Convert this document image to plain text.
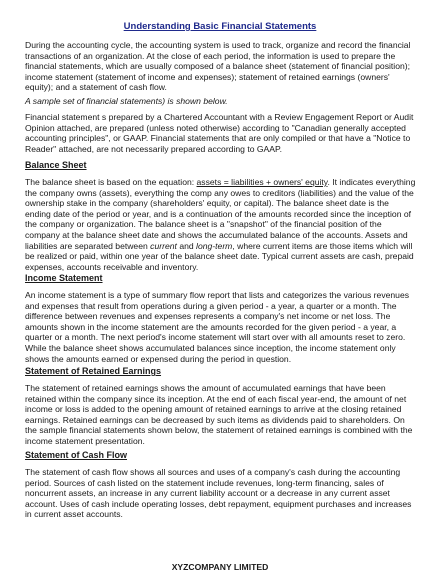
Understanding Basic Financial Statements

During the accounting cycle, the accounting system is used to track, organize and record the financial transactions of an organization. At the close of each period, the information is used to prepare the financial statements, which are usually composed of a balance sheet (statement of financial position); income statement (statement of income and expenses); statement of retained earnings (owners' equity); and a statement of cash flow.

A sample set of financial statements) is shown below.

Financial statement s prepared by a Chartered Accountant with a Review Engagement Report or Audit Opinion attached, are prepared (unless noted otherwise) according to "Canadian generally accepted accounting principles", or GAAP. Financial statements that are only compiled or that have a "Notice to Reader" attached, are not necessarily prepared according to GAAP.

Balance Sheet

The balance sheet is based on the equation: assets = liabilities + owners' equity. It indicates everything the company owns (assets), everything the comp any owes to creditors (liabilities) and the value of the ownership stake in the company (shareholders' equity, or capital). The balance sheet date is the ending date of the period or year, and is a continuation of the amounts recorded since the inception of the company or organization. The balance sheet is a "snapshot" of the financial position of the company at the balance sheet date and shows the accumulated balance of the accounts. Assets and liabilities are separated between current and long-term, where current items are those items which will be realized or paid, within one year of the balance sheet date. Typical current assets are cash, prepaid expenses, accounts receivable and inventory.

Income Statement

An income statement is a type of summary flow report that lists and categorizes the various revenues and expenses that result from operations during a given period - a year, a quarter or a month. The difference between revenues and expenses represents a company's net income or net loss. The amounts shown in the income statement are the amounts recorded for the given period - a year, a quarter or a month. The next period's income statement will start over with all amounts reset to zero. While the balance sheet shows accumulated balances since inception, the income statement only shows the amounts earned or expensed during the period in question.

Statement of Retained Earnings

The statement of retained earnings shows the amount of accumulated earnings that have been retained within the company since its inception. At the end of each fiscal year-end, the amount of net income or loss is added to the opening amount of retained earnings to arrive at the closing retained earnings. Retained earnings can be decreased by such items as dividends paid to shareholders. On the sample financial statements shown below, the statement of retained earnings is combined with the income statement presentation.

Statement of Cash Flow

The statement of cash flow shows all sources and uses of a company's cash during the accounting period. Sources of cash listed on the statement include revenues, long-term financing, sales of noncurrent assets, an increase in any current liability account or a decrease in any current asset account. Uses of cash include operating losses, debt repayment, equipment purchases and increases in current asset accounts.

XYZCOMPANY LIMITED
